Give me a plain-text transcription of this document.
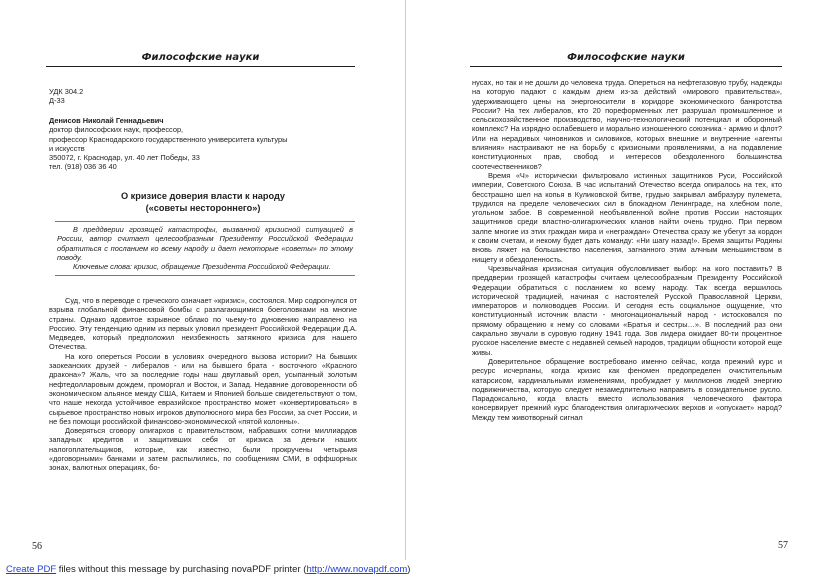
Философские науки
УДК 304.2
Д-33
Денисов Николай Геннадьевич
доктор философских наук, профессор,
профессор Краснодарского государственного университета культуры
и искусств
350072, г. Краснодар, ул. 40 лет Победы, 33
тел. (918) 036 36 40
О кризисе доверия власти к народу
(«советы нестороннего»)

В преддверии грозящей катастрофы, вызванной кризисной ситуацией в России, автор считает целесообразным Президенту Российской Федерации обратиться с посланием ко всему народу и дает некоторые «советы» по этому поводу.

Ключевые слова: кризис, обращение Президента Российской Федерации.

Суд, что в переводе с греческого означает «кризис», состоялся. Мир содрогнулся от взрыва глобальной финансовой бомбы с разлагающимися боеголовками на многие страны. Однако ядовитое взрывное облако по чьему-то дуновению направлено на Россию. Эту тенденцию одним из первых уловил президент Российской Федерации Д.А. Медведев, который предположил неизбежность затяжного кризиса для нашего Отечества.

На кого опереться России в условиях очередного вызова истории? На бывших заокеанских друзей - либералов - или на бывшего брата - восточного «Красного дракона»? Жаль, что за последние годы наш двуглавый орел, усыпанный золотым нефтедолларовым дождем, проморгал и Восток, и Запад. Недавние договоренности об экономическом альянсе между США, Китаем и Японией больше свидетельствуют о том, что наше некогда устойчивое евразийское пространство может «конвертироваться» в сырьевое пространство новых игроков двуполюсного мира без России, за счет России, и не без помощи российской финансово-экономической «пятой колонны».

Доверяться сговору олигархов с правительством, набравших сотни миллиардов западных кредитов и защитивших себя от кризиса за деньги наших налогоплательщиков, которые, как известно, были прокручены четырьмя «договорными» банками и затем распылились, по сообщениям СМИ, в оффшорных зонах, валютных операциях, бо-

56
Философские науки

нусах, но так и не дошли до человека труда. Опереться на нефтегазовую трубу, надежды на которую падают с каждым днем из-за действий «мирового правительства», удерживающего цены на энергоносители в коридоре экономического банкротства России? На тех либералов, кто 20 пореформенных лет разрушал промышленное и сельскохозяйственное производство, научно-технологический потенциал и оборонный комплекс? На изрядно ослабевшего и морально изношенного союзника - армию и флот? Или на нерадивых чиновников и силовиков, которых внешние и внутренние «агенты влияния» настраивают не на борьбу с кризисными проявлениями, а на подавление конституционных прав, свобод и интересов обездоленного большинства соотечественников?

Время «Ч» исторически фильтровало истинных защитников Руси, Российской империи, Советского Союза. В час испытаний Отечество всегда опиралось на тех, кто бесстрашно шел на копья в Куликовской битве, грудью закрывал амбразуру пулемета, трудился на пределе человеческих сил в блокадном Ленинграде, на хлебном поле, угольном забое. В современной необъявленной войне против России настоящих защитников среди властно-олигархических кланов найти очень трудно. При первом залпе многие из этих граждан мира и «неграждан» Отечества сразу же убегут за кордон к своим счетам, и некому будет дать команду: «Ни шагу назад!». Бремя защиты Родины вновь ляжет на большинство населения, загнанного этим алчным меньшинством в нищету и обездоленность.

Чрезвычайная кризисная ситуация обусловливает выбор: на кого поставить? В преддверии грозящей катастрофы считаем целесообразным Президенту Российской Федерации обратиться с посланием ко всему народу. Так всегда вершилось исторической традицией, начиная с настоятелей Русской Православной Церкви, императоров и полководцев России. И сегодня есть социальное ощущение, что конституционный источник власти - многонациональный народ - истосковался по прямому обращению к нему со словами «Братья и сестры…». В последний раз они сакрально звучали в суровую годину 1941 года. Зов лидера ожидает 80-ти процентное русское население вместе с недавней семьей народов, традиции общности которой еще живы.

Доверительное обращение востребовано именно сейчас, когда прежний курс и ресурс исчерпаны, когда кризис как феномен предопределен очистительным катарсисом, кардинальными изменениями, пробуждает у миллионов людей энергию подвижничества, которую следует незамедлительно направить в созидательное русло. Парадоксально, когда власть вместо использования человеческого фактора консервирует прежний курс благоденствия олигархических верхов и «опускает» народ? Между тем животворный сигнал

57
Create PDF files without this message by purchasing novaPDF printer (http://www.novapdf.com)
